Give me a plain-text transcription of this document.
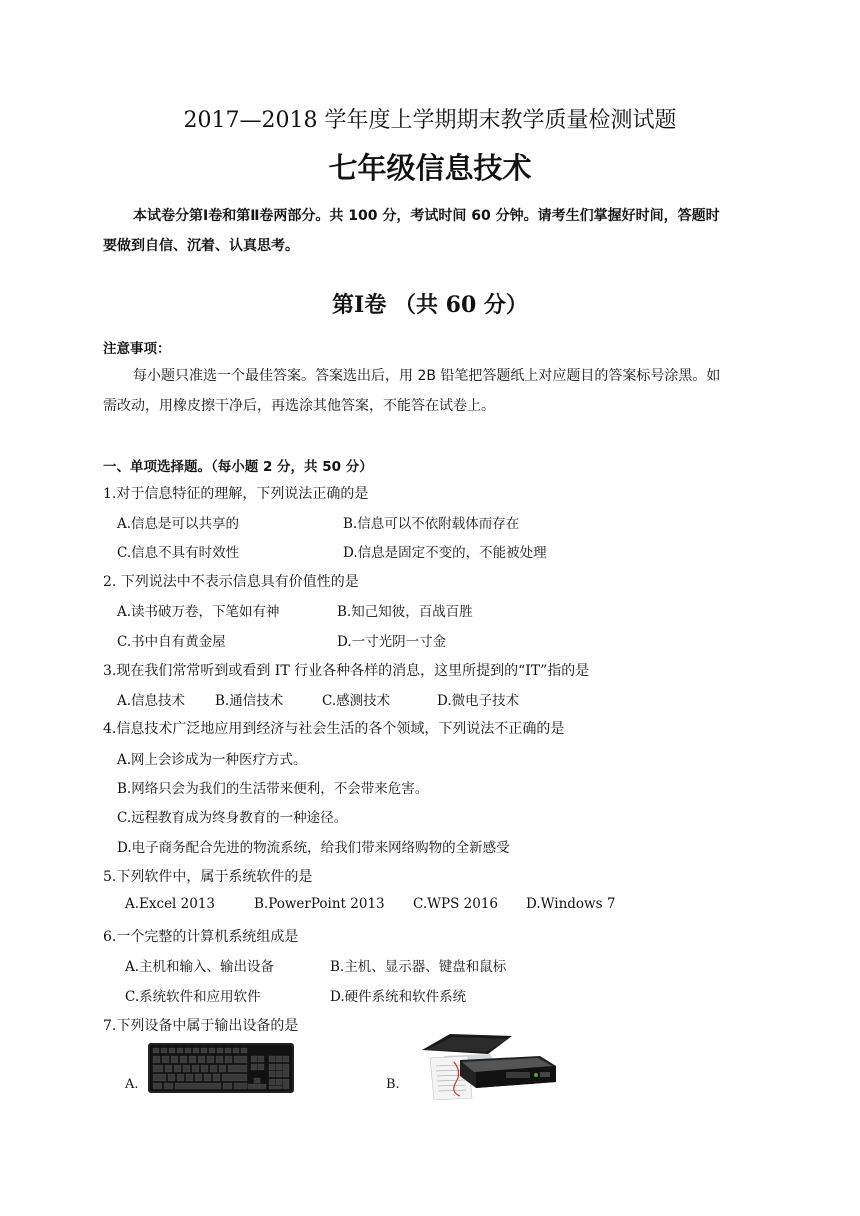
2017—2018 学年度上学期期末教学质量检测试题
七年级信息技术
本试卷分第Ⅰ卷和第Ⅱ卷两部分。共 100 分，考试时间 60 分钟。请考生们掌握好时间，答题时
要做到自信、沉着、认真思考。
第Ⅰ卷 （共 60 分）
注意事项：
每小题只准选一个最佳答案。答案选出后，用 2B 铅笔把答题纸上对应题目的答案标号涂黑。如
需改动，用橡皮擦干净后，再选涂其他答案，不能答在试卷上。
一、单项选择题。（每小题 2 分，共 50 分）
1.对于信息特征的理解，下列说法正确的是
A.信息是可以共享的	B.信息可以不依附载体而存在
C.信息不具有时效性	D.信息是固定不变的，不能被处理
2. 下列说法中不表示信息具有价值性的是
A.读书破万卷，下笔如有神	B.知己知彼，百战百胜
C.书中自有黄金屋	D.一寸光阴一寸金
3.现在我们常常听到或看到 IT 行业各种各样的消息，这里所提到的“IT”指的是
A.信息技术 B.通信技术	C.感测技术	D.微电子技术
4.信息技术广泛地应用到经济与社会生活的各个领域，下列说法不正确的是
A.网上会诊成为一种医疗方式。
B.网络只会为我们的生活带来便利，不会带来危害。
C.远程教育成为终身教育的一种途径。
D.电子商务配合先进的物流系统，给我们带来网络购物的全新感受
5.下列软件中，属于系统软件的是
A.Excel 2013	B.PowerPoint 2013 C.WPS 2016 D.Windows 7
6.一个完整的计算机系统组成是
A.主机和输入、输出设备	B.主机、显示器、键盘和鼠标
C.系统软件和应用软件	D.硬件系统和软件系统
7.下列设备中属于输出设备的是
A.	B.
